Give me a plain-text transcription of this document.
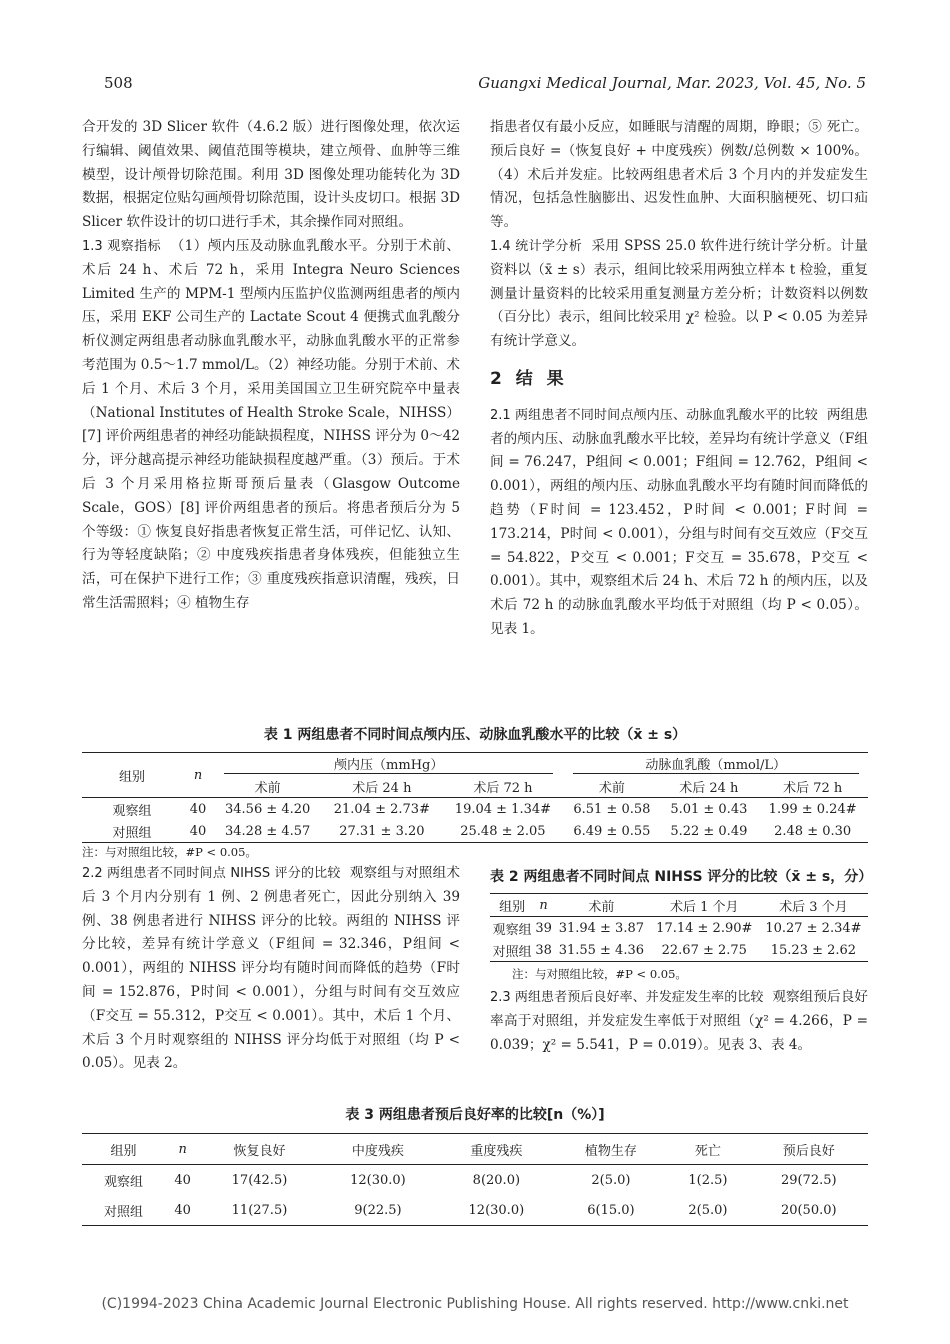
508	Guangxi Medical Journal, Mar. 2023, Vol. 45, No. 5

合开发的 3D Slicer 软件（4.6.2 版）进行图像处理，依次运行编辑、阈值效果、阈值范围等模块，建立颅骨、血肿等三维模型，设计颅骨切除范围。利用 3D 图像处理功能转化为 3D 数据，根据定位贴勾画颅骨切除范围，设计头皮切口。根据 3D Slicer 软件设计的切口进行手术，其余操作同对照组。

1.3 观察指标 （1）颅内压及动脉血乳酸水平。分别于术前、术后 24 h、术后 72 h，采用 Integra Neuro Sciences Limited 生产的 MPM-1 型颅内压监护仪监测两组患者的颅内压，采用 EKF 公司生产的 Lactate Scout 4 便携式血乳酸分析仪测定两组患者动脉血乳酸水平，动脉血乳酸水平的正常参考范围为 0.5～1.7 mmol/L。（2）神经功能。分别于术前、术后 1 个月、术后 3 个月，采用美国国立卫生研究院卒中量表（National Institutes of Health Stroke Scale，NIHSS）[7] 评价两组患者的神经功能缺损程度，NIHSS 评分为 0～42 分，评分越高提示神经功能缺损程度越严重。（3）预后。于术后 3 个月采用格拉斯哥预后量表（Glasgow Outcome Scale，GOS）[8] 评价两组患者的预后。将患者预后分为 5 个等级：① 恢复良好指患者恢复正常生活，可伴记忆、认知、行为等轻度缺陷；② 中度残疾指患者身体残疾，但能独立生活，可在保护下进行工作；③ 重度残疾指意识清醒，残疾，日常生活需照料；④ 植物生存

指患者仅有最小反应，如睡眠与清醒的周期，睁眼；⑤ 死亡。预后良好 =（恢复良好 + 中度残疾）例数/总例数 × 100%。（4）术后并发症。比较两组患者术后 3 个月内的并发症发生情况，包括急性脑膨出、迟发性血肿、大面积脑梗死、切口疝等。

1.4 统计学分析 采用 SPSS 25.0 软件进行统计学分析。计量资料以（x̄ ± s）表示，组间比较采用两独立样本 t 检验，重复测量计量资料的比较采用重复测量方差分析；计数资料以例数（百分比）表示，组间比较采用 χ² 检验。以 P < 0.05 为差异有统计学意义。

2 结 果

2.1 两组患者不同时间点颅内压、动脉血乳酸水平的比较 两组患者的颅内压、动脉血乳酸水平比较，差异均有统计学意义（F组间 = 76.247，P组间 < 0.001；F组间 = 12.762，P组间 < 0.001），两组的颅内压、动脉血乳酸水平均有随时间而降低的趋势（F时间 = 123.452，P时间 < 0.001；F时间 = 173.214，P时间 < 0.001），分组与时间有交互效应（F交互 = 54.822，P交互 < 0.001；F交互 = 35.678，P交互 < 0.001）。其中，观察组术后 24 h、术后 72 h 的颅内压，以及术后 72 h 的动脉血乳酸水平均低于对照组（均 P < 0.05）。见表 1。

表 1 两组患者不同时间点颅内压、动脉血乳酸水平的比较（x̄ ± s）
组别	n	颅内压（mmHg）			动脉血乳酸（mmol/L）		
		术前	术后 24 h	术后 72 h	术前	术后 24 h	术后 72 h
观察组	40	34.56 ± 4.20	21.04 ± 2.73#	19.04 ± 1.34#	6.51 ± 0.58	5.01 ± 0.43	1.99 ± 0.24#
对照组	40	34.28 ± 4.57	27.31 ± 3.20	25.48 ± 2.05	6.49 ± 0.55	5.22 ± 0.49	2.48 ± 0.30
注：与对照组比较，#P < 0.05。

2.2 两组患者不同时间点 NIHSS 评分的比较 观察组与对照组术后 3 个月内分别有 1 例、2 例患者死亡，因此分别纳入 39 例、38 例患者进行 NIHSS 评分的比较。两组的 NIHSS 评分比较，差异有统计学意义（F组间 = 32.346，P组间 < 0.001），两组的 NIHSS 评分均有随时间而降低的趋势（F时间 = 152.876，P时间 < 0.001），分组与时间有交互效应（F交互 = 55.312，P交互 < 0.001）。其中，术后 1 个月、术后 3 个月时观察组的 NIHSS 评分均低于对照组（均 P < 0.05）。见表 2。

表 2 两组患者不同时间点 NIHSS 评分的比较（x̄ ± s，分）
组别	n	术前	术后 1 个月	术后 3 个月
观察组	39	31.94 ± 3.87	17.14 ± 2.90#	10.27 ± 2.34#
对照组	38	31.55 ± 4.36	22.67 ± 2.75	15.23 ± 2.62
注：与对照组比较，#P < 0.05。

2.3 两组患者预后良好率、并发症发生率的比较 观察组预后良好率高于对照组，并发症发生率低于对照组（χ² = 4.266，P = 0.039；χ² = 5.541，P = 0.019）。见表 3、表 4。

表 3 两组患者预后良好率的比较[n（%）]
组别	n	恢复良好	中度残疾	重度残疾	植物生存	死亡	预后良好
观察组	40	17(42.5)	12(30.0)	8(20.0)	2(5.0)	1(2.5)	29(72.5)
对照组	40	11(27.5)	9(22.5)	12(30.0)	6(15.0)	2(5.0)	20(50.0)
(C)1994-2023 China Academic Journal Electronic Publishing House. All rights reserved. http://www.cnki.net
